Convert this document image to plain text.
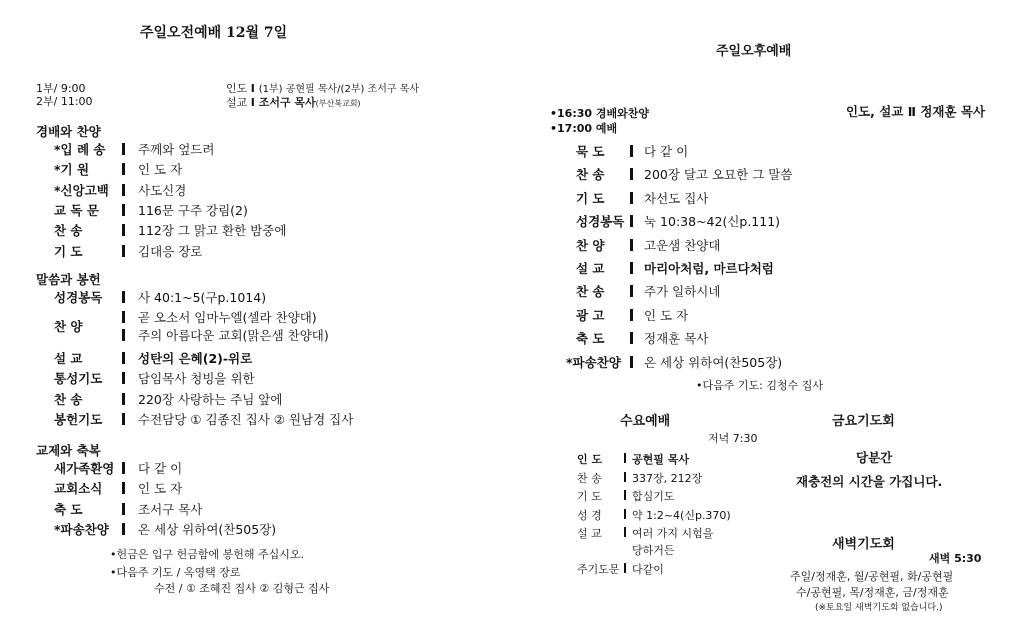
주일오전예배 12월 7일
1부/ 9:00
2부/ 11:00
인도 Ⅰ (1부) 공현필 목사/(2부) 조서구 목사
설교 Ⅰ 조서구 목사(부산북교회)
경배와 찬양
*입 례 송	주께와 엎드려
*기 원	인 도 자
*신앙고백 사도신경
교 독 문	116문 구주 강림(2)
찬 송	112장 그 맑고 환한 밤중에
기 도	김대응 장로
말씀과 봉헌
성경봉독	사 40:1~5(구p.1014)
찬 양
곧 오소서 임마누엘(셀라 찬양대)
주의 아름다운 교회(맑은샘 찬양대)
설 교	성탄의 은혜(2)-위로
통성기도	담임목사 청빙을 위한
찬 송	220장 사랑하는 주님 앞에
봉헌기도	수전담당 ① 김종진 집사 ② 원남경 집사
교제와 축복
새가족환영 다 같 이
교회소식	인 도 자
축 도	조서구 목사
*파송찬양 온 세상 위하여(찬505장)
•헌금은 입구 헌금함에 봉헌해 주십시오.
•다음주 기도 / 옥영택 장로
수전 / ① 조혜진 집사 ② 김형근 집사
주일오후예배
•16:30 경배와찬양
•17:00 예배
인도, 설교 Ⅱ 정재훈 목사
묵 도	다 같 이
찬 송	200장 달고 오묘한 그 말씀
기 도	차선도 집사
성경봉독 눅 10:38~42(신p.111)
찬 양	고운샘 찬양대
설 교	마리아처럼, 마르다처럼
찬 송	주가 일하시네
광 고	인 도 자
축 도	정재훈 목사
*파송찬양 온 세상 위하여(찬505장)
•다음주 기도: 김청수 집사
수요예배
저녁 7:30
인 도	공현필 목사
찬 송	337장, 212장
기 도	합심기도
성 경	약 1:2~4(신p.370)
설 교	여러 가지 시험을
당하거든
주기도문 다같이
금요기도회
당분간
재충전의 시간을 가집니다.
새벽기도회
새벽 5:30
주일/정재훈, 월/공현필, 화/공현필
수/공현필, 목/정재훈, 금/정재훈
(※토요일 새벽기도회 없습니다.)
